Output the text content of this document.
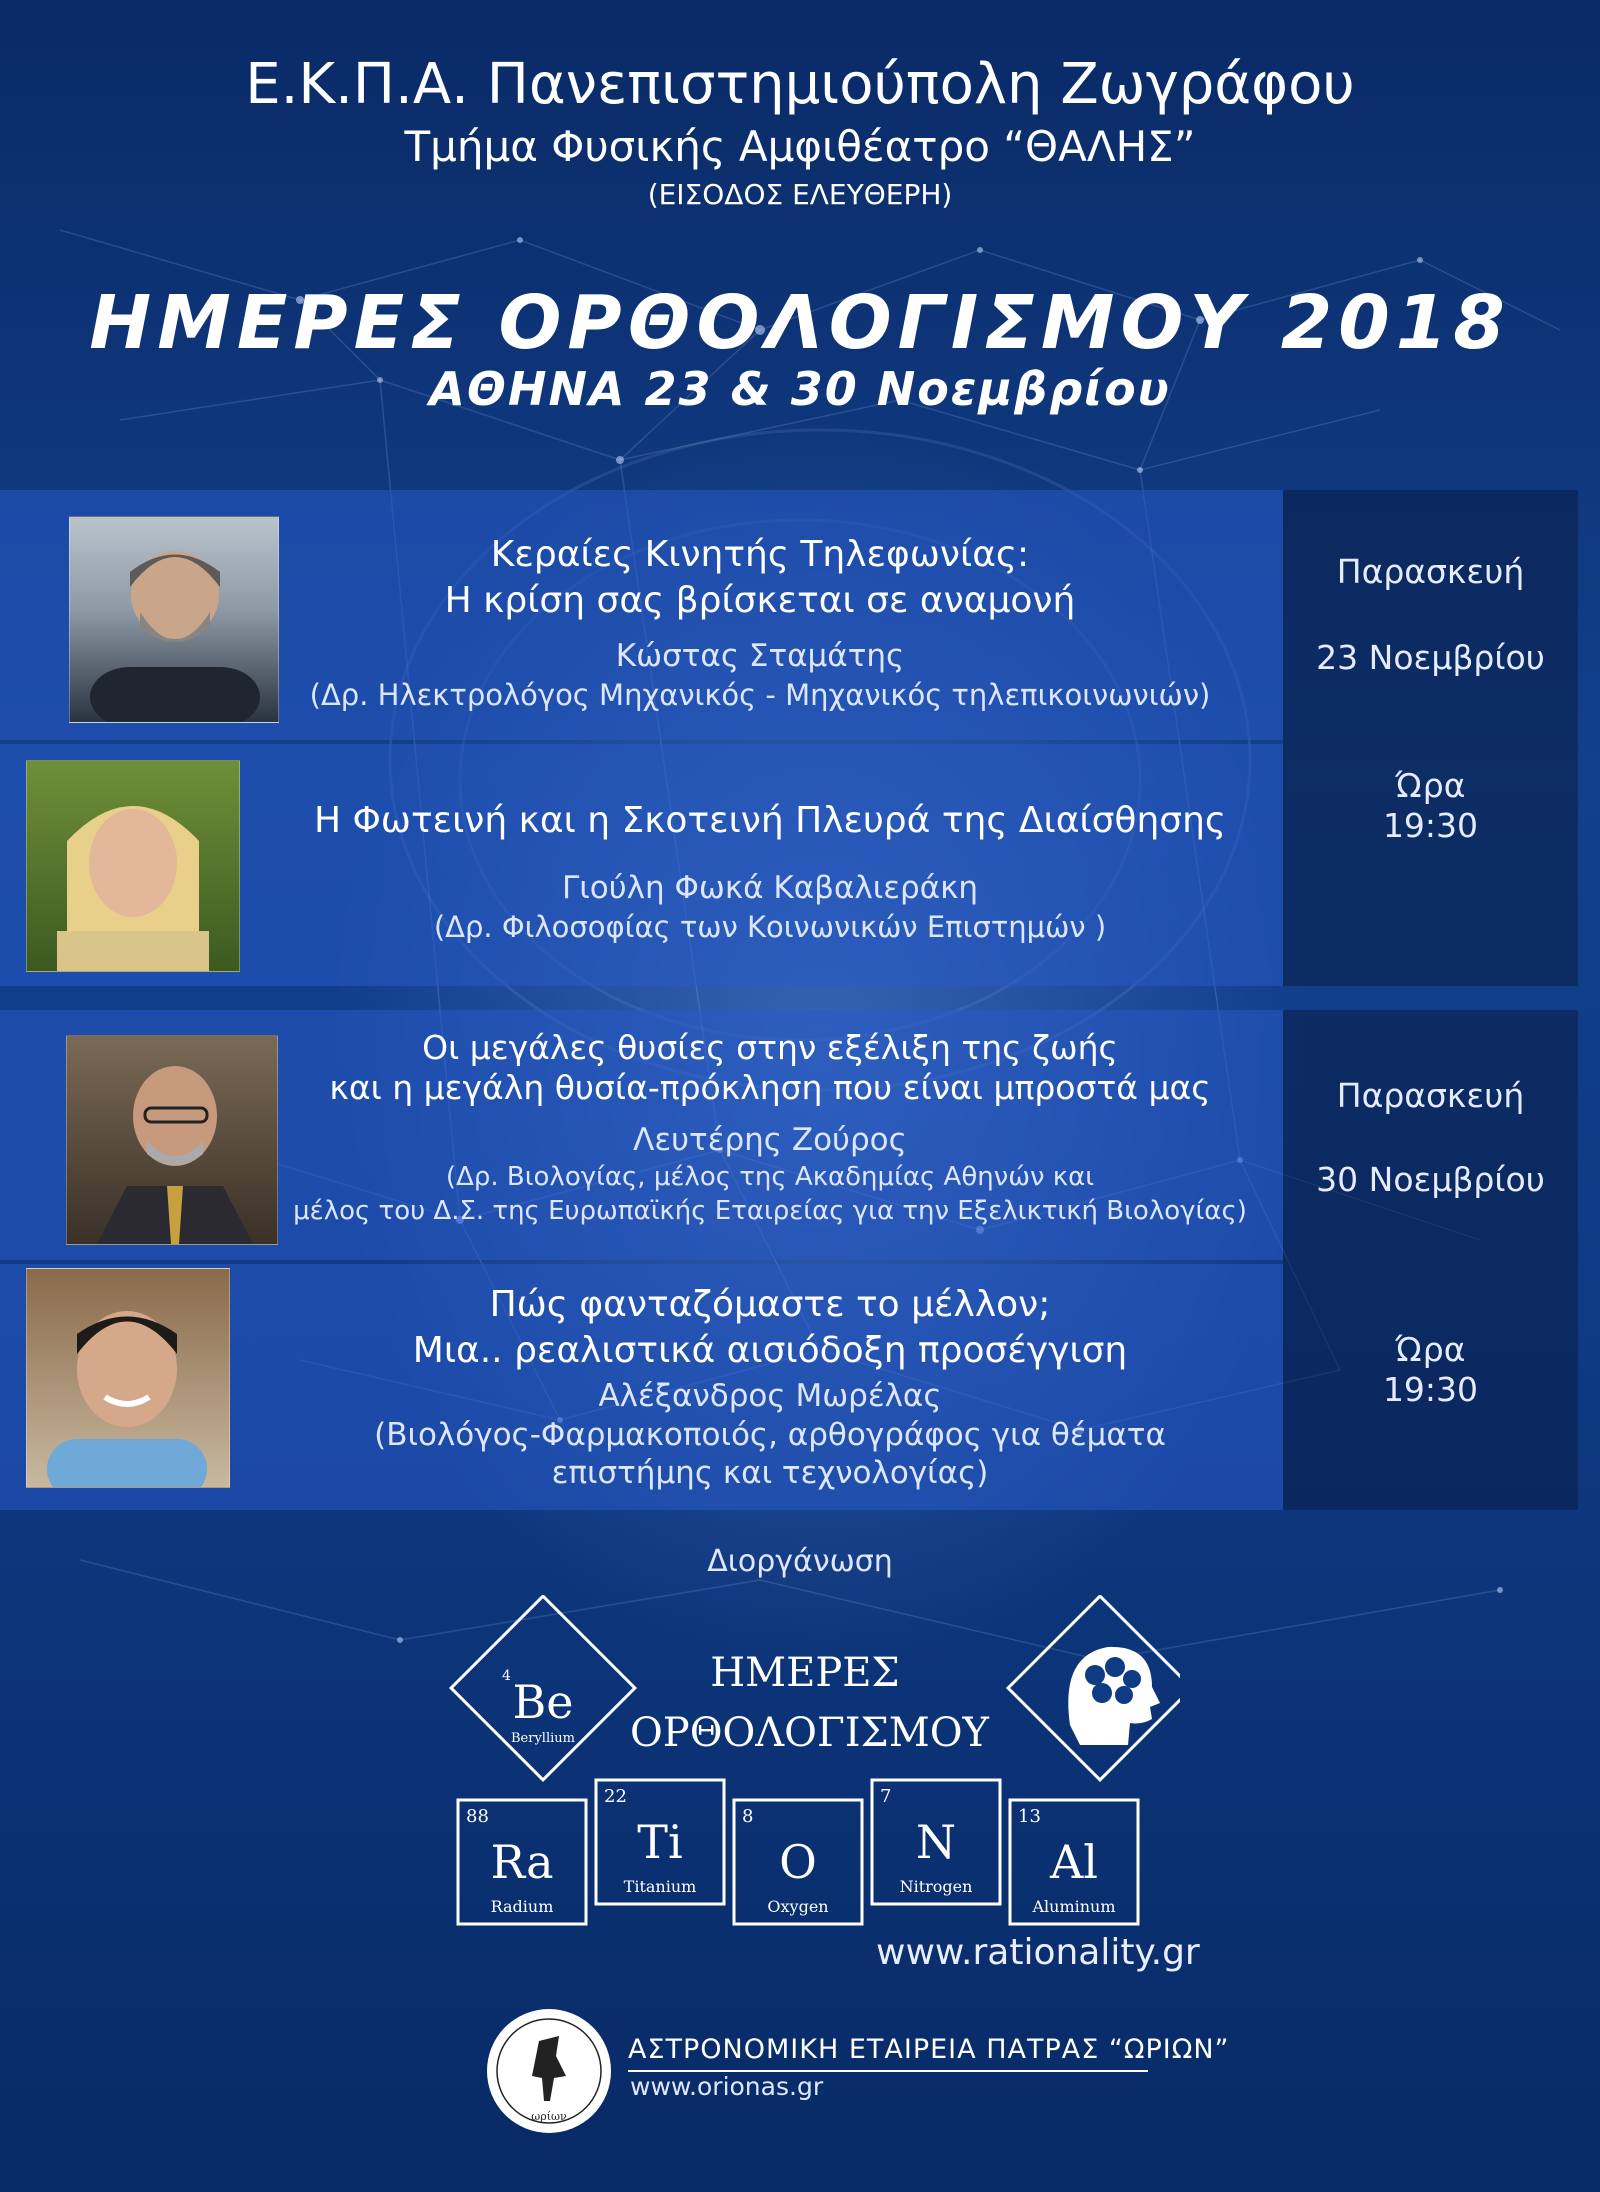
Ε.Κ.Π.Α. Πανεπιστημιούπολη Ζωγράφου
Τμήμα Φυσικής Αμφιθέατρο “ΘΑΛΗΣ”
(ΕΙΣΟΔΟΣ ΕΛΕΥΘΕΡΗ)
ΗΜΕΡΕΣ ΟΡΘΟΛΟΓΙΣΜΟΥ 2018
ΑΘΗΝΑ 23 & 30 Νοεμβρίου
Κεραίες Κινητής Τηλεφωνίας:
Η κρίση σας βρίσκεται σε αναμονή
Κώστας Σταμάτης
(Δρ. Ηλεκτρολόγος Μηχανικός - Μηχανικός τηλεπικοινωνιών)
Η Φωτεινή και η Σκοτεινή Πλευρά της Διαίσθησης
Γιούλη Φωκά Καβαλιεράκη
(Δρ. Φιλοσοφίας των Κοινωνικών Επιστημών )
Οι μεγάλες θυσίες στην εξέλιξη της ζωής
και η μεγάλη θυσία-πρόκληση που είναι μπροστά μας
Λευτέρης Ζούρος
(Δρ. Βιολογίας, μέλος της Ακαδημίας Αθηνών και
μέλος του Δ.Σ. της Ευρωπαϊκής Εταιρείας για την Εξελικτική Βιολογίας)
Πώς φανταζόμαστε το μέλλον;
Μια.. ρεαλιστικά αισιόδοξη προσέγγιση
Αλέξανδρος Μωρέλας
(Βιολόγος-Φαρμακοποιός, αρθογράφος για θέματα
επιστήμης και τεχνολογίας)
Παρασκευή
23 Νοεμβρίου
Ώρα
19:30
Παρασκευή
30 Νοεμβρίου
Ώρα
19:30
Διοργάνωση
4 Be
Beryllium
88
Ra
Radium
22
Ti
Titanium
8
O
Oxygen
7
N
Nitrogen
13
Al
Aluminum
ΗΜΕΡΕΣ
ΟΡΘΟΛΟΓΙΣΜΟΥ
www.rationality.gr
ωρίων
ΑΣΤΡΟΝΟΜΙΚΗ ΕΤΑΙΡΕΙΑ ΠΑΤΡΑΣ “ΩΡΙΩΝ”
www.orionas.gr
